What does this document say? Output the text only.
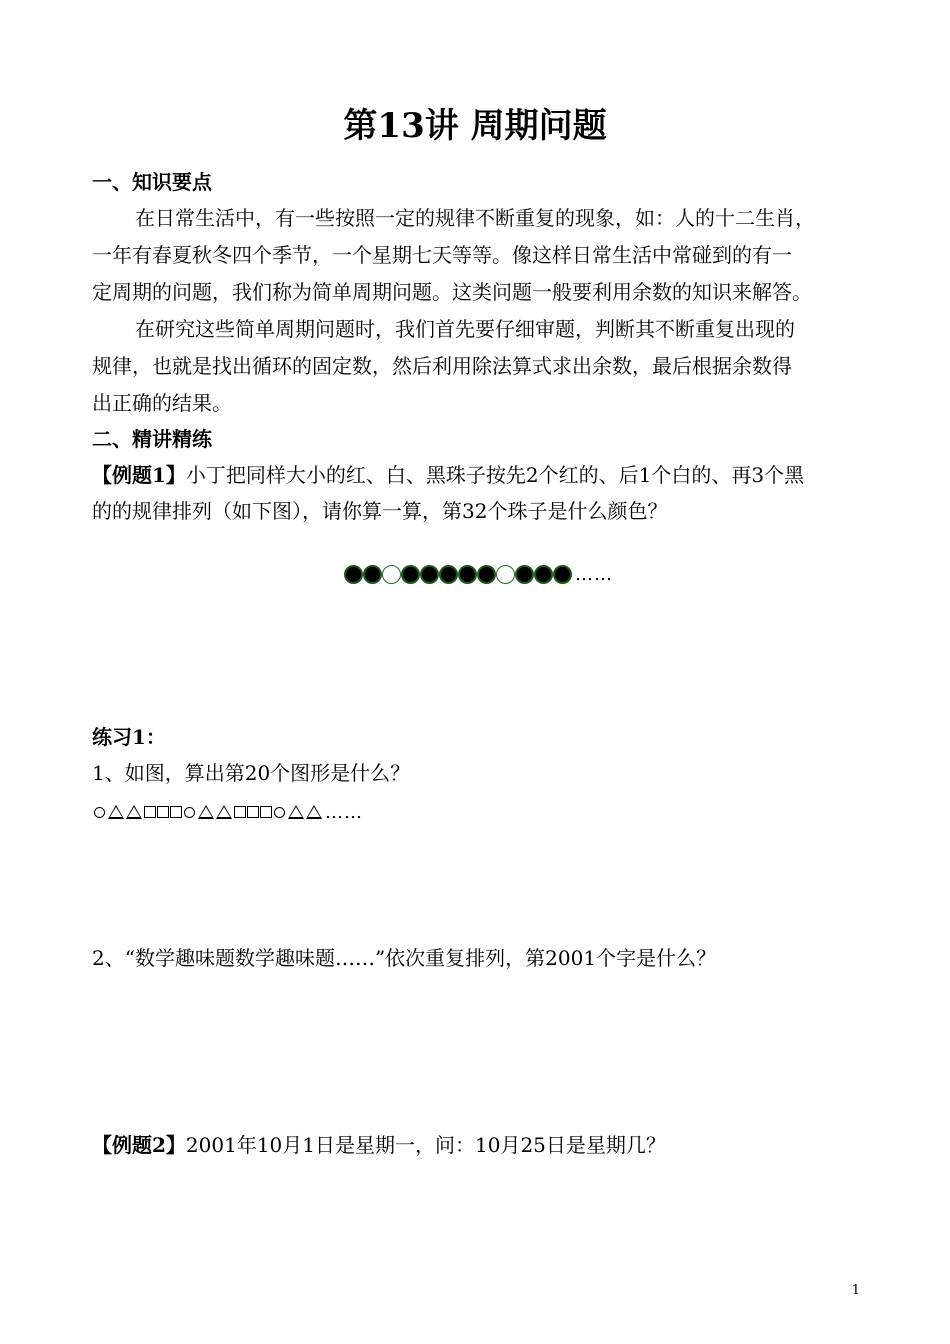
第13讲 周期问题
一、知识要点
在日常生活中，有一些按照一定的规律不断重复的现象，如：人的十二生肖，
一年有春夏秋冬四个季节，一个星期七天等等。像这样日常生活中常碰到的有一
定周期的问题，我们称为简单周期问题。这类问题一般要利用余数的知识来解答。
在研究这些简单周期问题时，我们首先要仔细审题，判断其不断重复出现的
规律，也就是找出循环的固定数，然后利用除法算式求出余数，最后根据余数得
出正确的结果。
二、精讲精练
【例题1】小丁把同样大小的红、白、黑珠子按先2个红的、后1个白的、再3个黑
的的规律排列（如下图），请你算一算，第32个珠子是什么颜色？
……
练习1：
1、如图，算出第20个图形是什么？
……
2、“数学趣味题数学趣味题……”依次重复排列，第2001个字是什么？
【例题2】2001年10月1日是星期一，问：10月25日是星期几？
1
